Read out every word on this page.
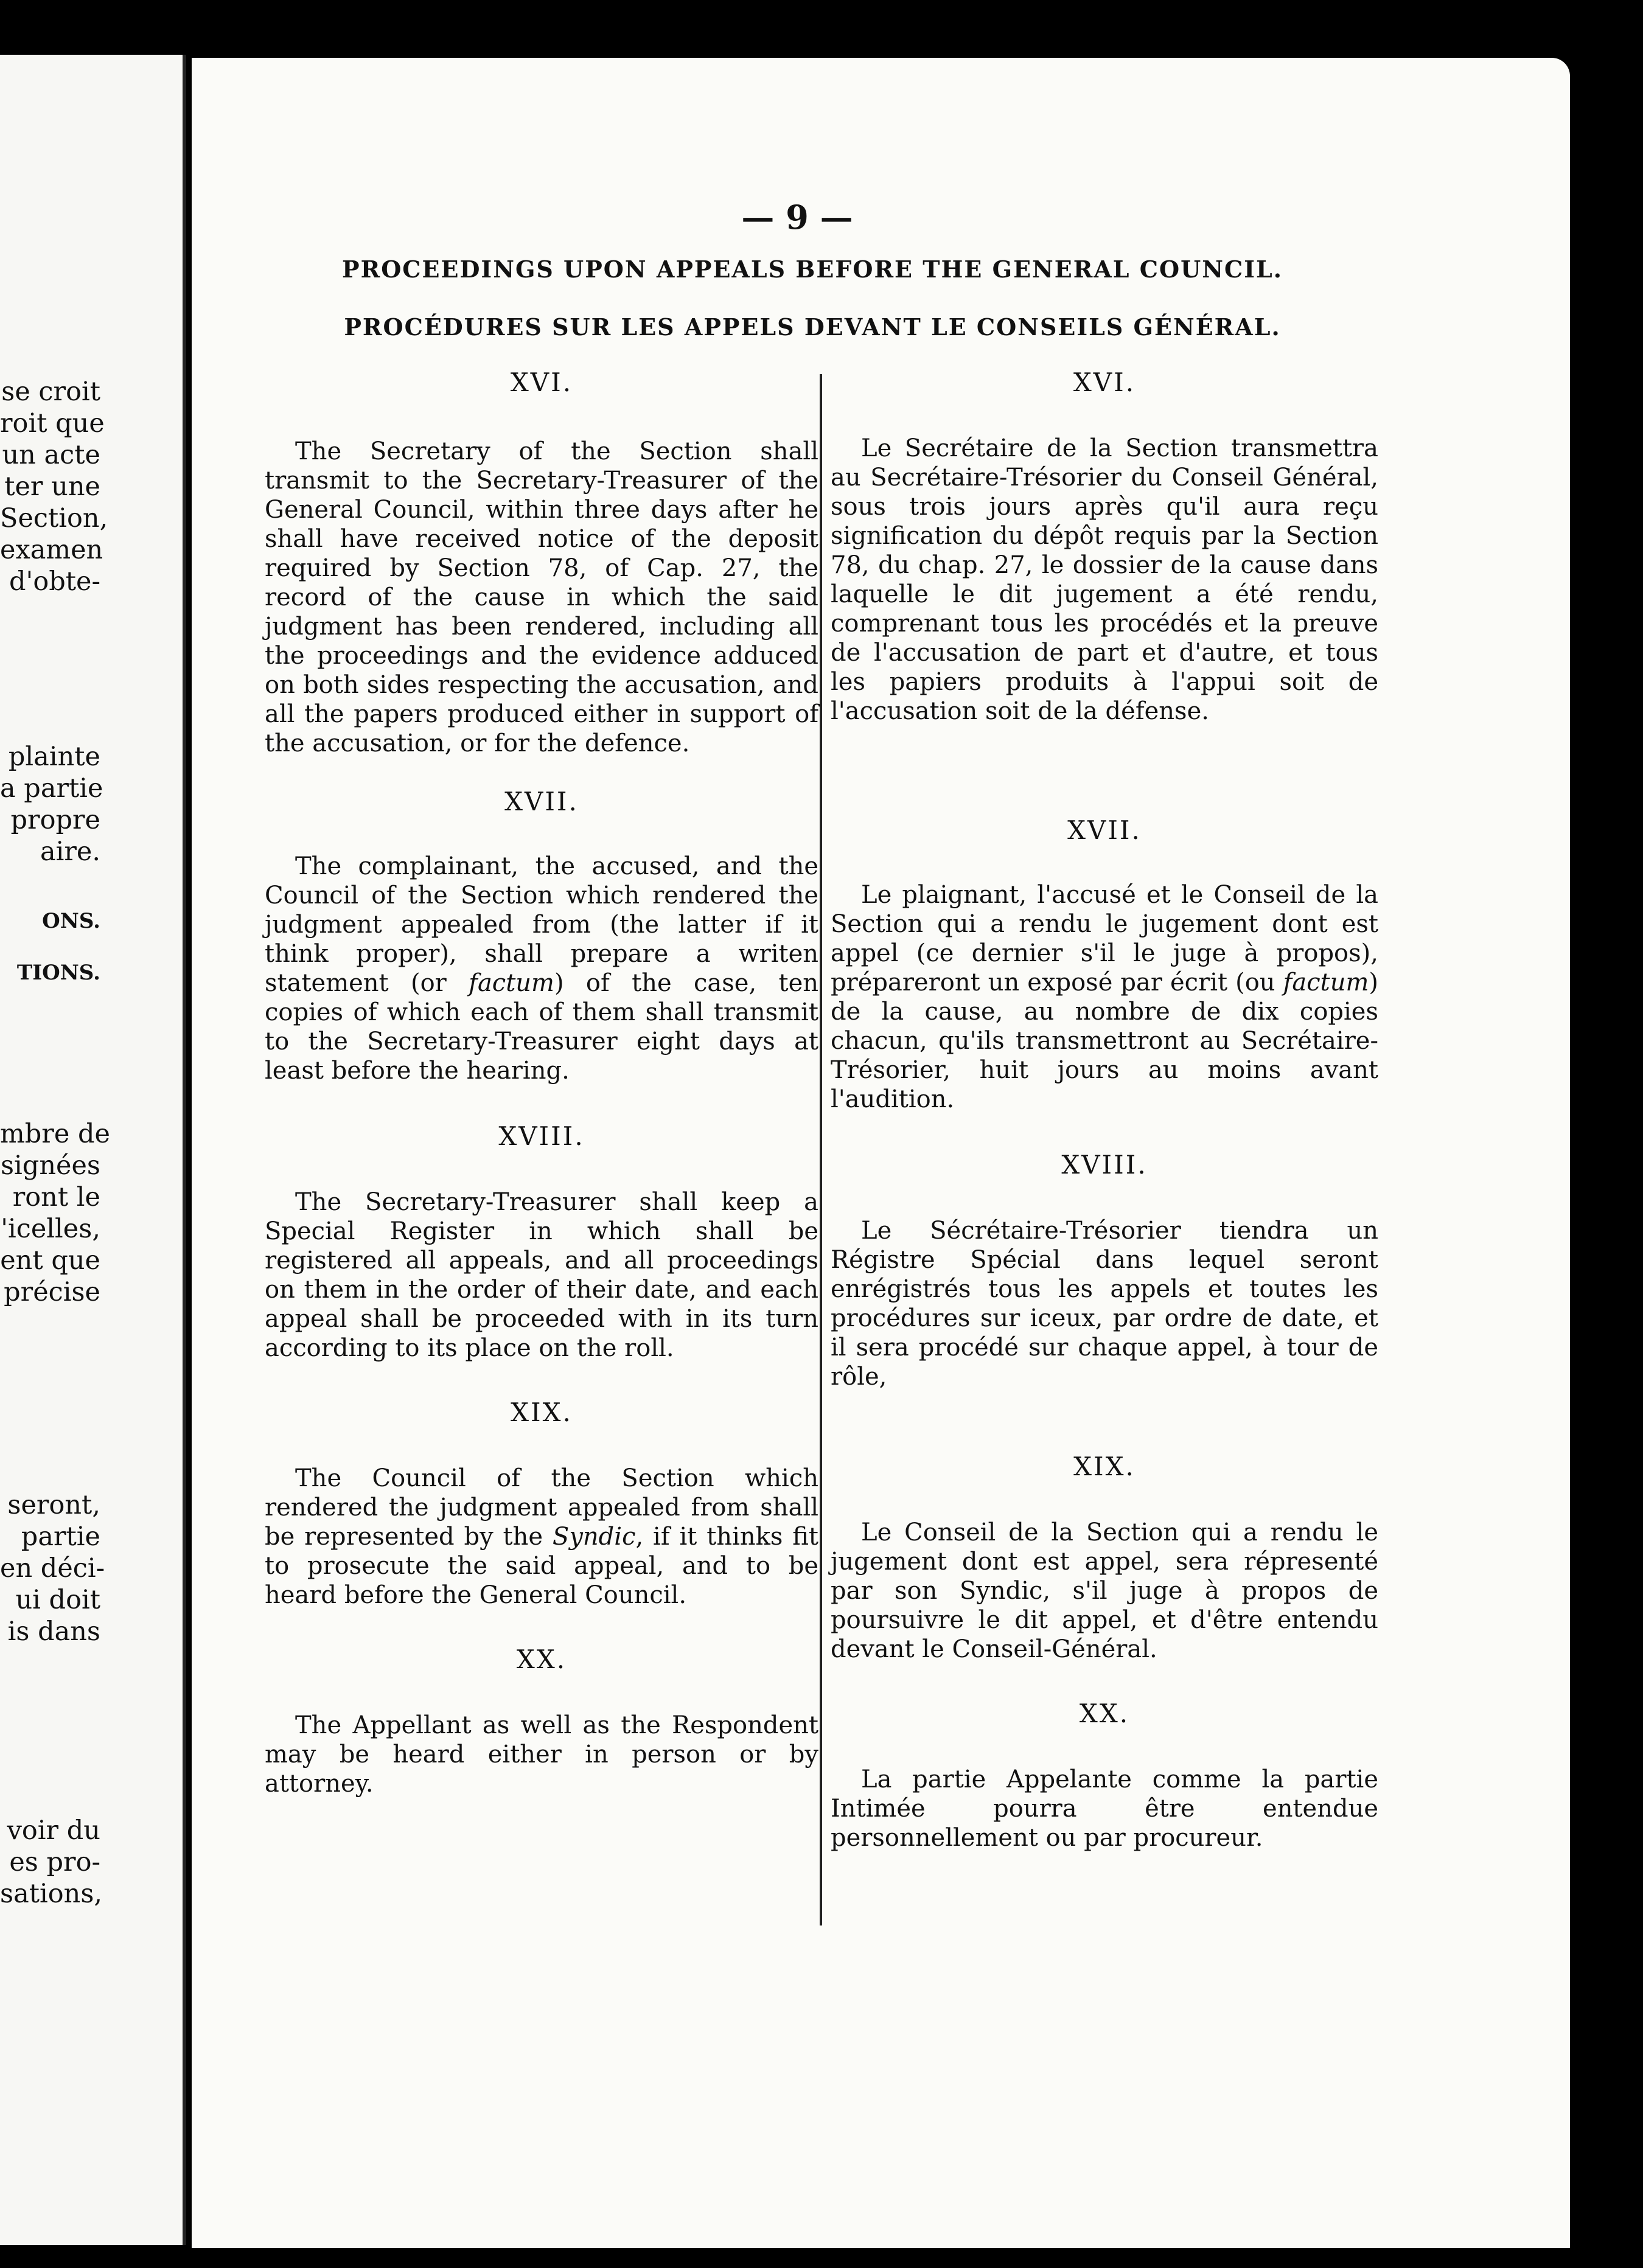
se croit
roit que
un acte
ter une
Section,
examen
d'obte-
plainte
a partie
propre
aire.
ONS.
TIONS.
mbre de
signées
ront le
'icelles,
ent que
précise
seront,
partie
en déci-
ui doit
is dans
voir du
es pro-
sations,
— 9 —
PROCEEDINGS UPON APPEALS BEFORE THE GENERAL COUNCIL.
PROCÉDURES SUR LES APPELS DEVANT LE CONSEILS GÉNÉRAL.

XVI.

The Secretary of the Section shall transmit to the Secretary-Treasurer of the General Council, within three days after he shall have received notice of the deposit required by Section 78, of Cap. 27, the record of the cause in which the said judgment has been rendered, including all the proceedings and the evidence adduced on both sides respecting the accusation, and all the papers produced either in support of the accusation, or for the defence.

XVII.

The complainant, the accused, and the Council of the Section which rendered the judgment appealed from (the latter if it think proper), shall prepare a writen statement (or factum) of the case, ten copies of which each of them shall transmit to the Secretary-Treasurer eight days at least before the hearing.

XVIII.

The Secretary-Treasurer shall keep a Special Register in which shall be registered all appeals, and all proceedings on them in the order of their date, and each appeal shall be proceeded with in its turn according to its place on the roll.

XIX.

The Council of the Section which rendered the judgment appealed from shall be represented by the Syndic, if it thinks fit to prosecute the said appeal, and to be heard before the General Council.

XX.

The Appellant as well as the Respondent may be heard either in person or by attorney.

XVI.

Le Secrétaire de la Section transmettra au Secrétaire-Trésorier du Conseil Général, sous trois jours après qu'il aura reçu signification du dépôt requis par la Section 78, du chap. 27, le dossier de la cause dans laquelle le dit jugement a été rendu, comprenant tous les procédés et la preuve de l'accusation de part et d'autre, et tous les papiers produits à l'appui soit de l'accusation soit de la défense.

XVII.

Le plaignant, l'accusé et le Conseil de la Section qui a rendu le jugement dont est appel (ce dernier s'il le juge à propos), prépareront un exposé par écrit (ou factum) de la cause, au nombre de dix copies chacun, qu'ils transmettront au Secrétaire-Trésorier, huit jours au moins avant l'audition.

XVIII.

Le Sécrétaire-Trésorier tiendra un Régistre Spécial dans lequel seront enrégistrés tous les appels et toutes les procédures sur iceux, par ordre de date, et il sera procédé sur chaque appel, à tour de rôle,

XIX.

Le Conseil de la Section qui a rendu le jugement dont est appel, sera répresenté par son Syndic, s'il juge à propos de poursuivre le dit appel, et d'être entendu devant le Conseil-Général.

XX.

La partie Appelante comme la partie Intimée pourra être entendue personnellement ou par procureur.
